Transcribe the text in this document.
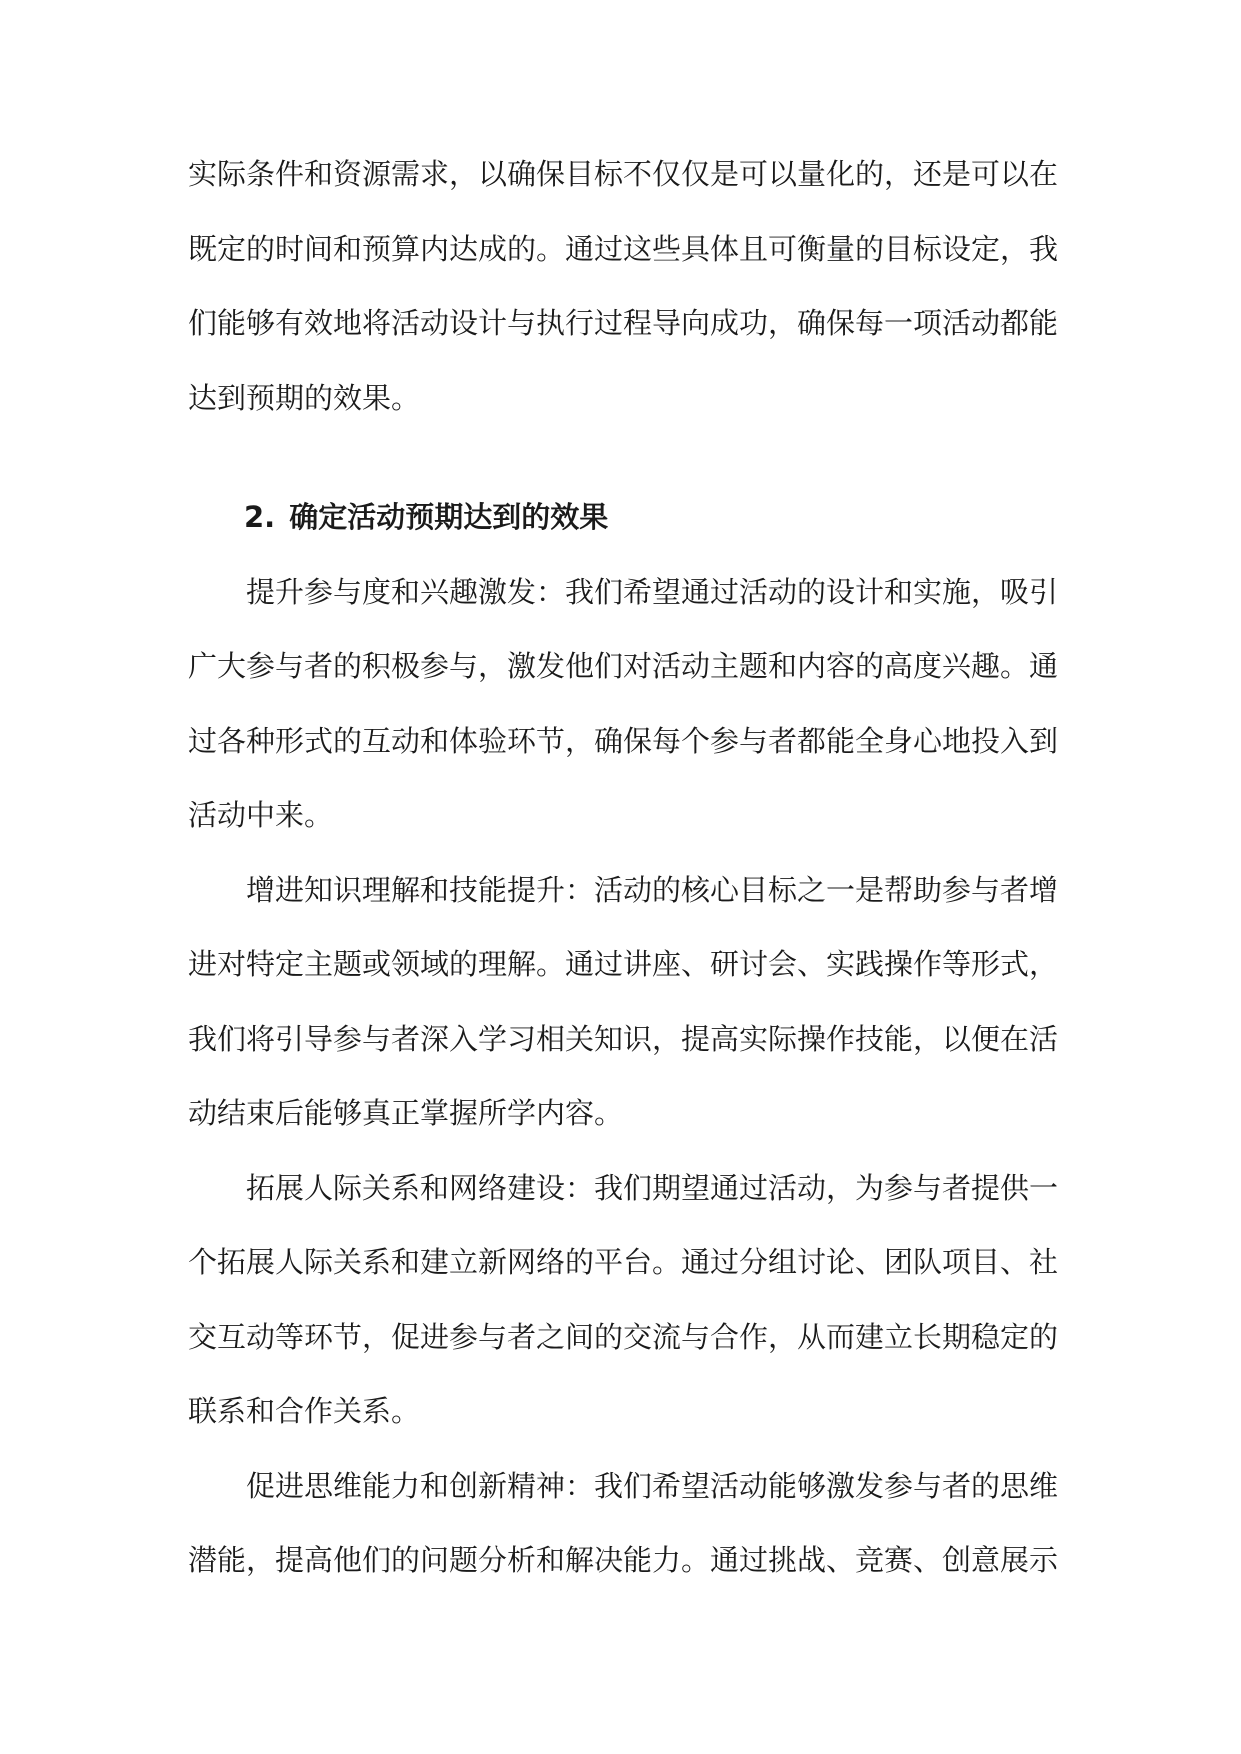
实际条件和资源需求，以确保目标不仅仅是可以量化的，还是可以在既定的时间和预算内达成的。通过这些具体且可衡量的目标设定，我们能够有效地将活动设计与执行过程导向成功，确保每一项活动都能达到预期的效果。

2. 确定活动预期达到的效果

提升参与度和兴趣激发：我们希望通过活动的设计和实施，吸引广大参与者的积极参与，激发他们对活动主题和内容的高度兴趣。通过各种形式的互动和体验环节，确保每个参与者都能全身心地投入到活动中来。

增进知识理解和技能提升：活动的核心目标之一是帮助参与者增进对特定主题或领域的理解。通过讲座、研讨会、实践操作等形式，我们将引导参与者深入学习相关知识，提高实际操作技能，以便在活动结束后能够真正掌握所学内容。

拓展人际关系和网络建设：我们期望通过活动，为参与者提供一个拓展人际关系和建立新网络的平台。通过分组讨论、团队项目、社交互动等环节，促进参与者之间的交流与合作，从而建立长期稳定的联系和合作关系。

促进思维能力和创新精神：我们希望活动能够激发参与者的思维潜能，提高他们的问题分析和解决能力。通过挑战、竞赛、创意展示
